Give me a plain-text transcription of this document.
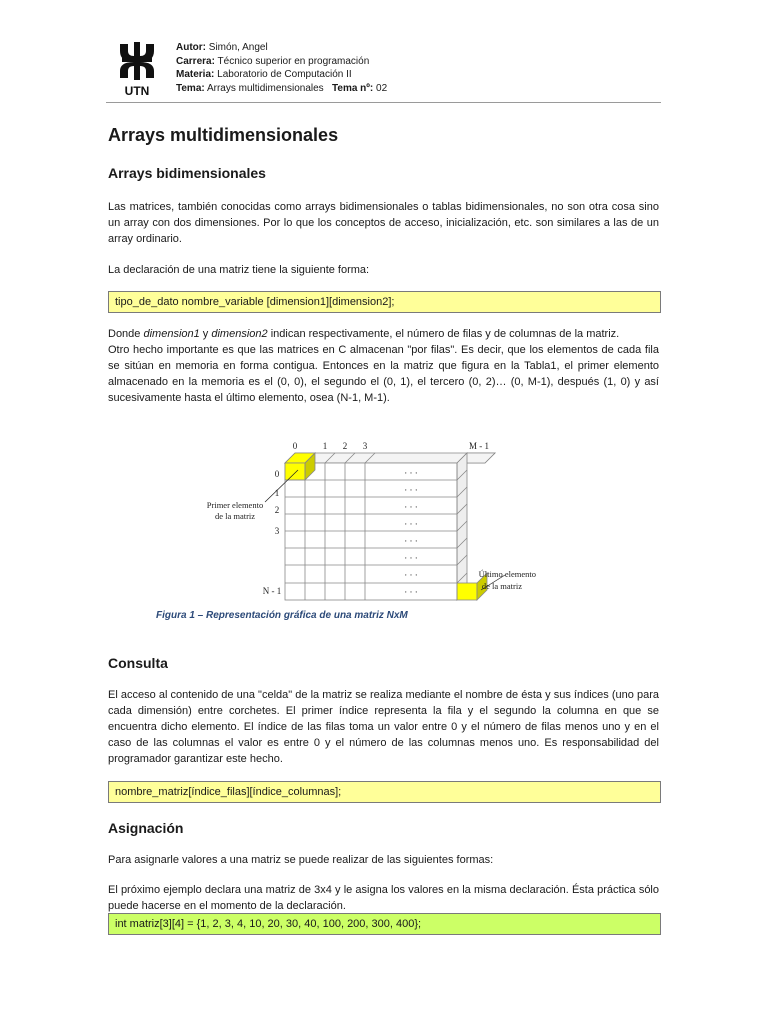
UTN
Autor: Simón, Angel
Carrera: Técnico superior en programación
Materia: Laboratorio de Computación II
Tema: Arrays multidimensionales Tema nº: 02
Arrays multidimensionales
Arrays bidimensionales
Las matrices, también conocidas como arrays bidimensionales o tablas bidimensionales, no son otra cosa sino un array con dos dimensiones. Por lo que los conceptos de acceso, inicialización, etc. son similares a las de un array ordinario.
La declaración de una matriz tiene la siguiente forma:
tipo_de_dato nombre_variable [dimension1][dimension2];

Donde dimension1 y dimension2 indican respectivamente, el número de filas y de columnas de la matriz.

Otro hecho importante es que las matrices en C almacenan "por filas". Es decir, que los elementos de cada fila se sitúan en memoria en forma contigua. Entonces en la matriz que figura en la Tabla1, el primer elemento almacenado en la memoria es el (0, 0), el segundo el (0, 1), el tercero (0, 2)… (0, M-1), después (1, 0) y así sucesivamente hasta el último elemento, osea (N-1, M-1).

0	1 2 3	M - 1
0
1
2
3
N - 1
· · ·
· · ·
· · ·
· · ·
· · ·
· · ·
· · ·
· · ·
Primer elemento
de la matriz
Último elemento
de la matriz
Figura 1 – Representación gráfica de una matriz NxM
Consulta
El acceso al contenido de una "celda" de la matriz se realiza mediante el nombre de ésta y sus índices (uno para cada dimensión) entre corchetes. El primer índice representa la fila y el segundo la columna en que se encuentra dicho elemento. El índice de las filas toma un valor entre 0 y el número de filas menos uno y en el caso de las columnas el valor es entre 0 y el número de las columnas menos uno. Es responsabilidad del programador garantizar este hecho.
nombre_matriz[índice_filas][índice_columnas];
Asignación
Para asignarle valores a una matriz se puede realizar de las siguientes formas:
El próximo ejemplo declara una matriz de 3x4 y le asigna los valores en la misma declaración. Ésta práctica sólo puede hacerse en el momento de la declaración.
int matriz[3][4] = {1, 2, 3, 4, 10, 20, 30, 40, 100, 200, 300, 400};
